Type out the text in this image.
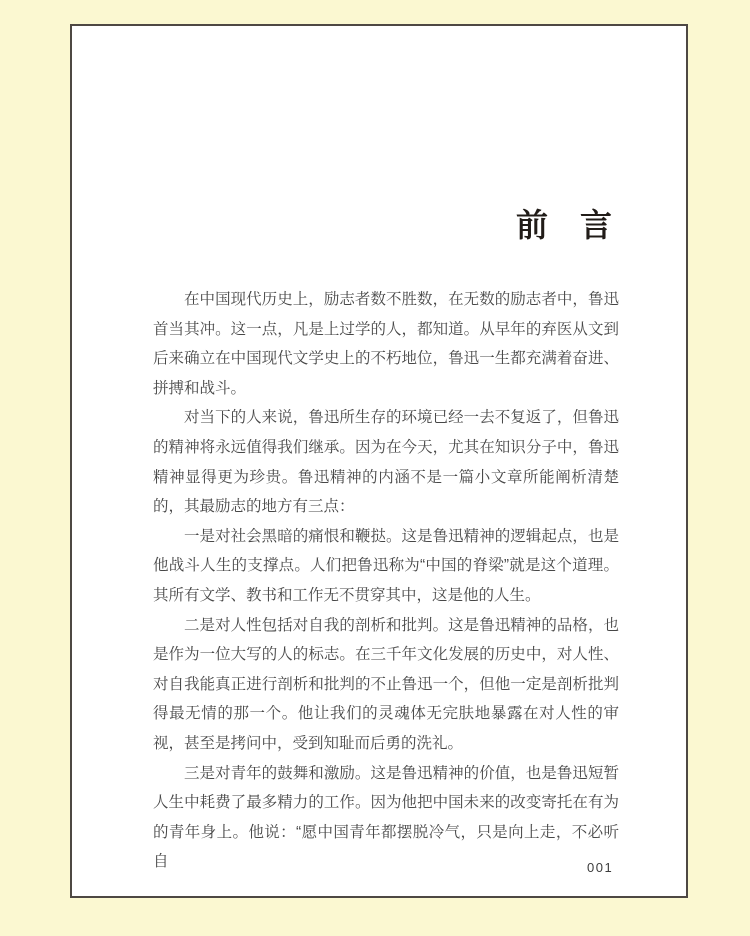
前　言

在中国现代历史上，励志者数不胜数，在无数的励志者中，鲁迅首当其冲。这一点，凡是上过学的人，都知道。从早年的弃医从文到后来确立在中国现代文学史上的不朽地位，鲁迅一生都充满着奋进、拼搏和战斗。

对当下的人来说，鲁迅所生存的环境已经一去不复返了，但鲁迅的精神将永远值得我们继承。因为在今天，尤其在知识分子中，鲁迅精神显得更为珍贵。鲁迅精神的内涵不是一篇小文章所能阐析清楚的，其最励志的地方有三点：

一是对社会黑暗的痛恨和鞭挞。这是鲁迅精神的逻辑起点，也是他战斗人生的支撑点。人们把鲁迅称为“中国的脊梁”就是这个道理。其所有文学、教书和工作无不贯穿其中，这是他的人生。

二是对人性包括对自我的剖析和批判。这是鲁迅精神的品格，也是作为一位大写的人的标志。在三千年文化发展的历史中，对人性、对自我能真正进行剖析和批判的不止鲁迅一个，但他一定是剖析批判得最无情的那一个。他让我们的灵魂体无完肤地暴露在对人性的审视，甚至是拷问中，受到知耻而后勇的洗礼。

三是对青年的鼓舞和激励。这是鲁迅精神的价值，也是鲁迅短暂人生中耗费了最多精力的工作。因为他把中国未来的改变寄托在有为的青年身上。他说：“愿中国青年都摆脱冷气，只是向上走，不必听自	001
